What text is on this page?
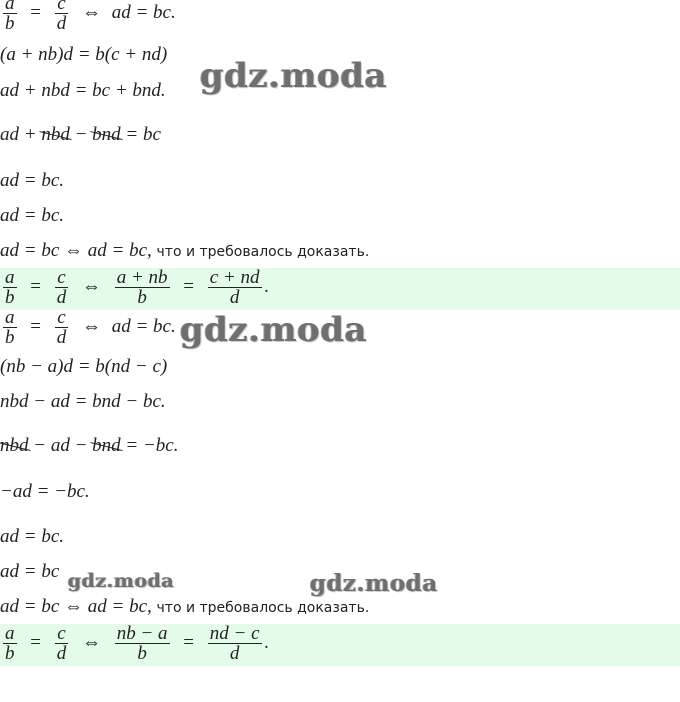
$\frac{a}{b} = \frac{c}{d}$ ⇔ ad = bc.
(a + nb)d = b(c + nd)
ad + nbd = bc + bnd.
ad + nbd − bnd = bc
ad = bc.
ad = bc.
ad = bc ⇔ ad = bc, что и требовалось доказать.
$\frac{a}{b} = \frac{c}{d}$ ⇔ $\frac{a + nb}{b} = \frac{c + nd}{d}$ .
$\frac{a}{b} = \frac{c}{d}$ ⇔ ad = bc.
(nb − a)d = b(nd − c)
nbd − ad = bnd − bc.
nbd − ad − bnd = −bc.
−ad = −bc.
ad = bc.
ad = bc
ad = bc ⇔ ad = bc, что и требовалось доказать.
$\frac{a}{b} = \frac{c}{d}$ ⇔ $\frac{nb - a}{b} = \frac{nd - c}{d}$ .
gdz.moda
gdz.moda
gdz.moda	gdz.moda
